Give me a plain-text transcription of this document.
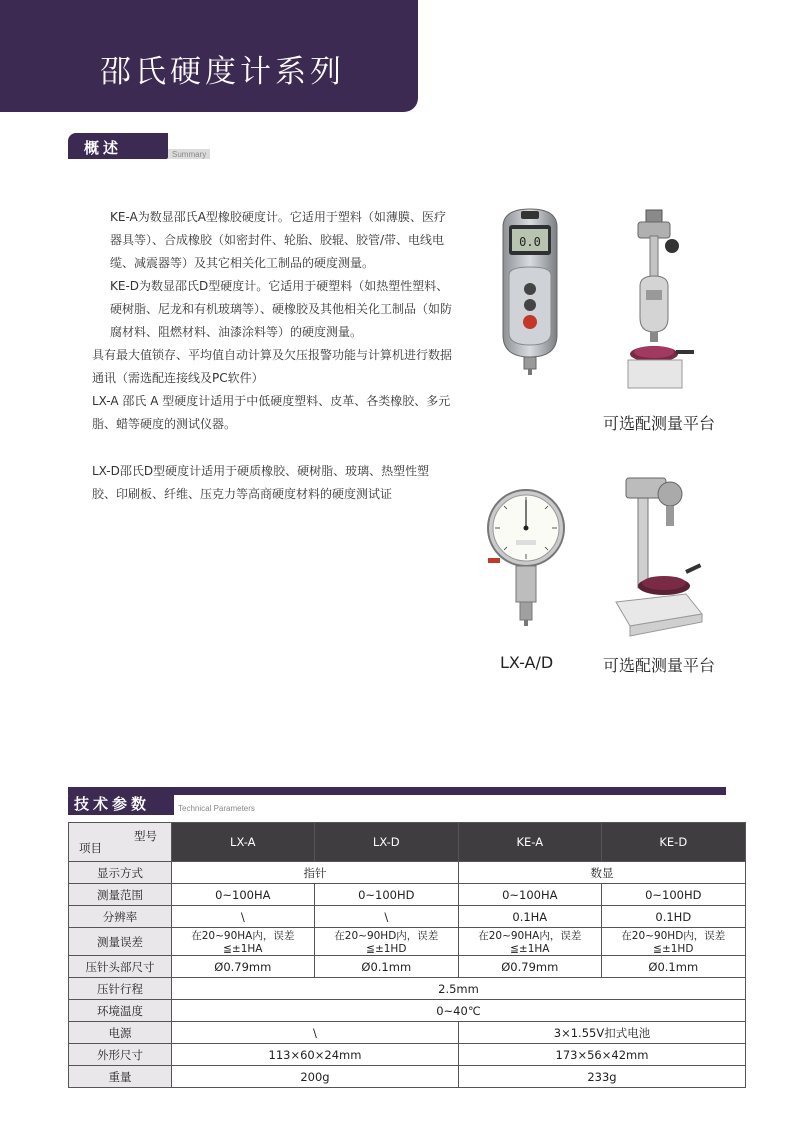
邵氏硬度计系列
概述	Summary

KE-A为数显邵氏A型橡胶硬度计。它适用于塑料（如薄膜、医疗器具等）、合成橡胶（如密封件、轮胎、胶辊、胶管/带、电线电缆、减震器等）及其它相关化工制品的硬度测量。

KE-D为数显邵氏D型硬度计。它适用于硬塑料（如热塑性塑料、硬树脂、尼龙和有机玻璃等）、硬橡胶及其他相关化工制品（如防腐材料、阻燃材料、油漆涂料等）的硬度测量。

具有最大值锁存、平均值自动计算及欠压报警功能与计算机进行数据通讯（需选配连接线及PC软件）

LX-A 邵氏 A 型硬度计适用于中低硬度塑料、皮革、各类橡胶、多元脂、蜡等硬度的测试仪器。

LX-D邵氏D型硬度计适用于硬质橡胶、硬树脂、玻璃、热塑性塑胶、印刷板、纤维、压克力等高商硬度材料的硬度测试证

0.0
可选配测量平台
LX-A/D	可选配测量平台
技术参数	Technical Parameters
型号
项目	LX-A	LX-D	KE-A	KE-D
显示方式	指针		数显	
测量范围	0~100HA	0~100HD	0~100HA	0~100HD
分辨率	\	\	0.1HA	0.1HD
测量误差	在20~90HA内，误差≦±1HA	在20~90HD内，误差≦±1HD	在20~90HA内，误差≦±1HA	在20~90HD内，误差≦±1HD
压针头部尺寸	Ø0.79mm	Ø0.1mm	Ø0.79mm	Ø0.1mm
压针行程	2.5mm			
环境温度	0~40℃			
电源	\		3×1.55V扣式电池	
外形尺寸	113×60×24mm		173×56×42mm	
重量	200g		233g	
